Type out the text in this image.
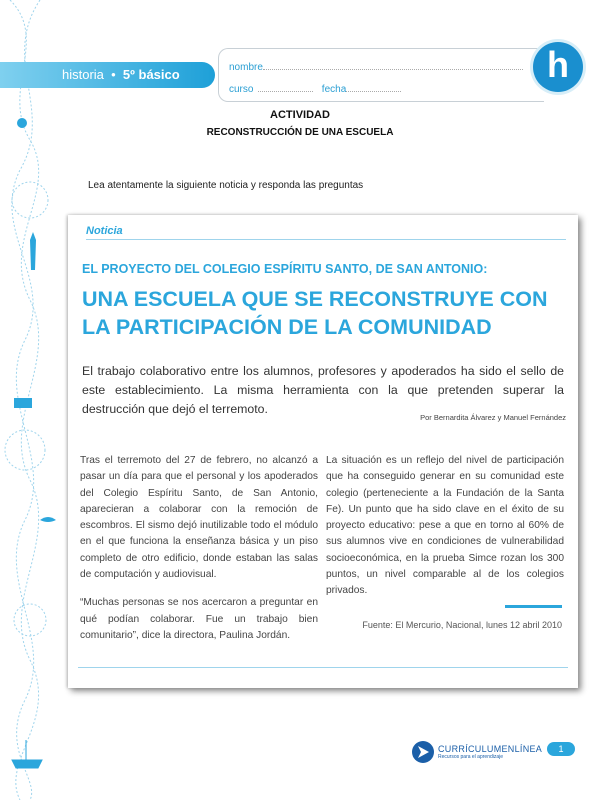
historia  •  5º básico	nombre
curso	fecha
h
ACTIVIDAD
RECONSTRUCCIÓN DE UNA ESCUELA
Lea atentamente la siguiente noticia y responda las preguntas
Noticia
EL PROYECTO DEL COLEGIO ESPÍRITU SANTO, DE SAN ANTONIO:
UNA ESCUELA QUE SE RECONSTRUYE CON LA PARTICIPACIÓN DE LA COMUNIDAD
El trabajo colaborativo entre los alumnos, profesores y apoderados ha sido el sello de este establecimiento. La misma herramienta con la que pretenden superar la destrucción que dejó el terremoto.
Por Bernardita Álvarez y Manuel Fernández

Tras el terremoto del 27 de febrero, no alcanzó a pasar un día para que el personal y los apoderados del Colegio Espíritu Santo, de San Antonio, aparecieran a colaborar con la remoción de escombros. El sismo dejó inutilizable todo el módulo en el que funciona la enseñanza básica y un piso completo de otro edificio, donde estaban las salas de computación y audiovisual.

“Muchas personas se nos acercaron a preguntar en qué podían colaborar. Fue un trabajo bien comunitario”, dice la directora, Paulina Jordán.

La situación es un reflejo del nivel de participación que ha conseguido generar en su comunidad este colegio (perteneciente a la Fundación de la Santa Fe). Un punto que ha sido clave en el éxito de su proyecto educativo: pese a que en torno al 60% de sus alumnos vive en condiciones de vulnerabilidad socioeconómica, en la prueba Simce rozan los 300 puntos, un nivel comparable al de los colegios privados.

Fuente: El Mercurio, Nacional, lunes 12 abril 2010
CURRÍCULUMENLÍNEA
Recursos para el aprendizaje
1
